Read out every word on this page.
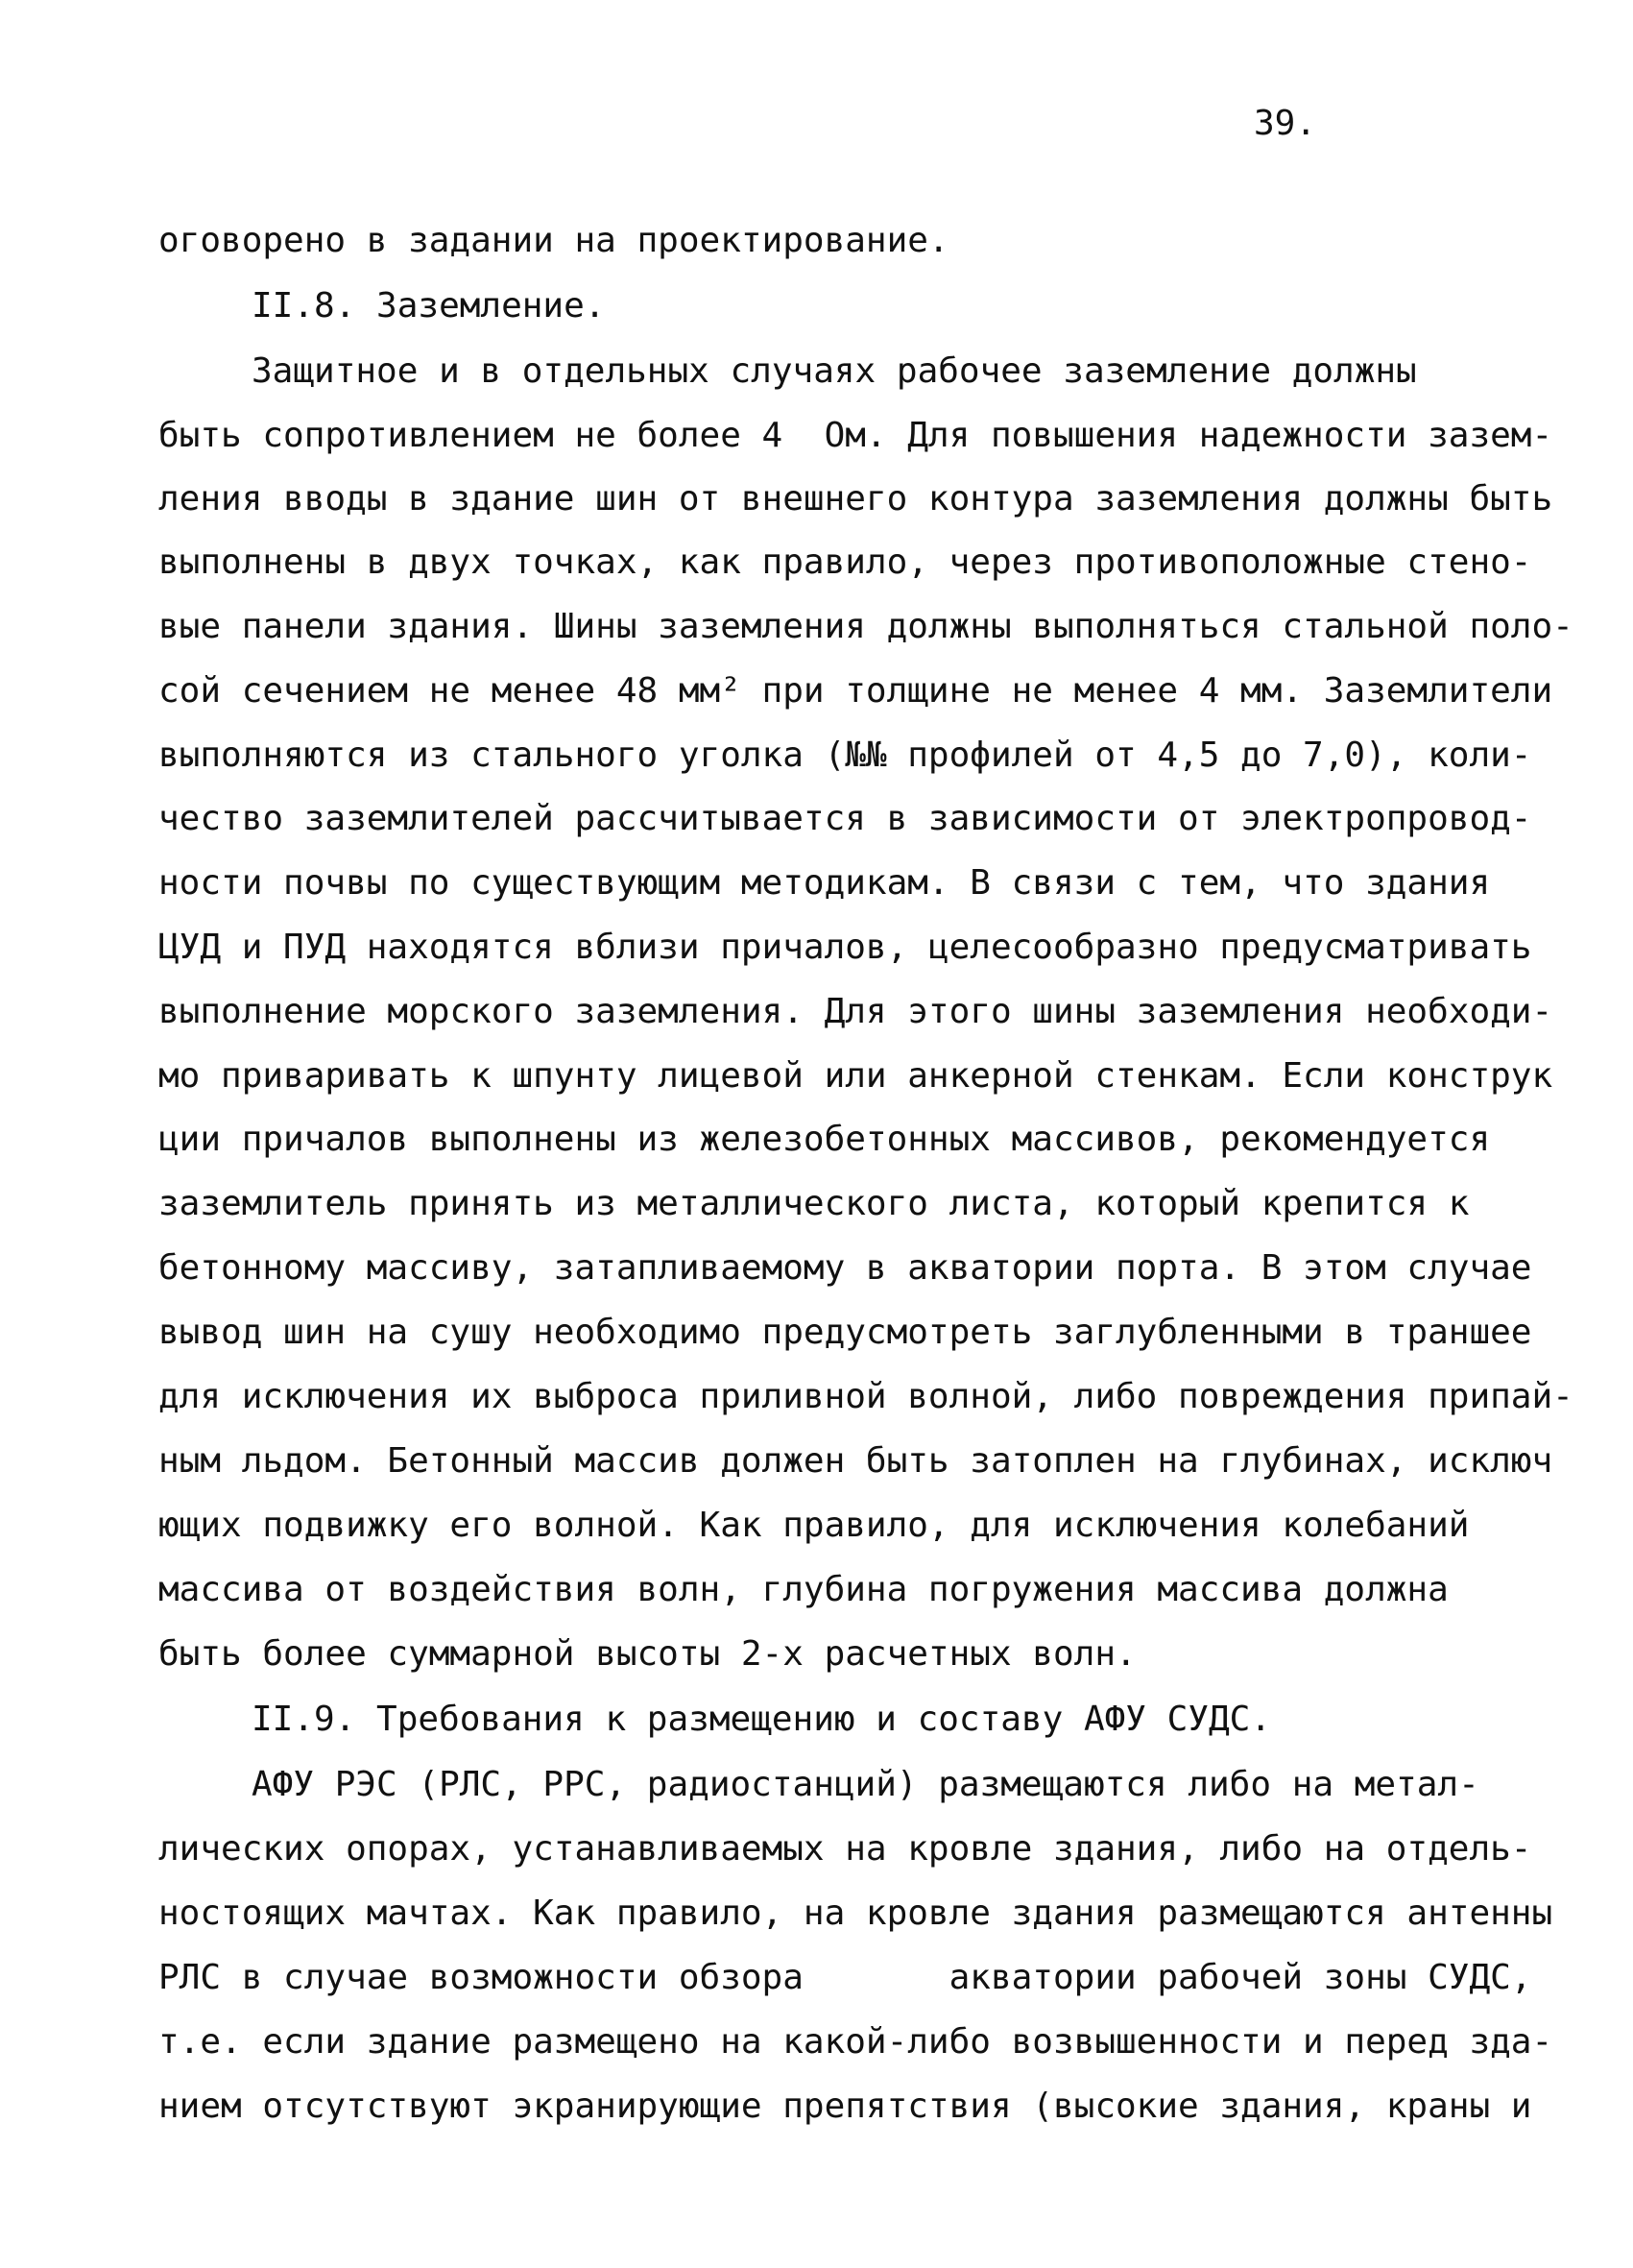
39.
оговорено в задании на проектирование.
II.8. Заземление.
Защитное и в отдельных случаях рабочее заземление должны
быть сопротивлением не более 4  Ом. Для повышения надежности зазем-
ления вводы в здание шин от внешнего контура заземления должны быть
выполнены в двух точках, как правило, через противоположные стено-
вые панели здания. Шины заземления должны выполняться стальной поло-
сой сечением не менее 48 мм² при толщине не менее 4 мм. Заземлители
выполняются из стального уголка (№№ профилей от 4,5 до 7,0), коли-
чество заземлителей рассчитывается в зависимости от электропровод-
ности почвы по существующим методикам. В связи с тем, что здания
ЦУД и ПУД находятся вблизи причалов, целесообразно предусматривать
выполнение морского заземления. Для этого шины заземления необходи-
мо приваривать к шпунту лицевой или анкерной стенкам. Если конструк
ции причалов выполнены из железобетонных массивов, рекомендуется
заземлитель принять из металлического листа, который крепится к
бетонному массиву, затапливаемому в акватории порта. В этом случае
вывод шин на сушу необходимо предусмотреть заглубленными в траншее
для исключения их выброса приливной волной, либо повреждения припай-
ным льдом. Бетонный массив должен быть затоплен на глубинах, исключ
ющих подвижку его волной. Как правило, для исключения колебаний
массива от воздействия волн, глубина погружения массива должна
быть более суммарной высоты 2-х расчетных волн.
II.9. Требования к размещению и составу АФУ СУДС.
АФУ РЭС (РЛС, РРС, радиостанций) размещаются либо на метал-
лических опорах, устанавливаемых на кровле здания, либо на отдель-
ностоящих мачтах. Как правило, на кровле здания размещаются антенны
РЛС в случае возможности обзора       акватории рабочей зоны СУДС,
т.е. если здание размещено на какой-либо возвышенности и перед зда-
нием отсутствуют экранирующие препятствия (высокие здания, краны и
